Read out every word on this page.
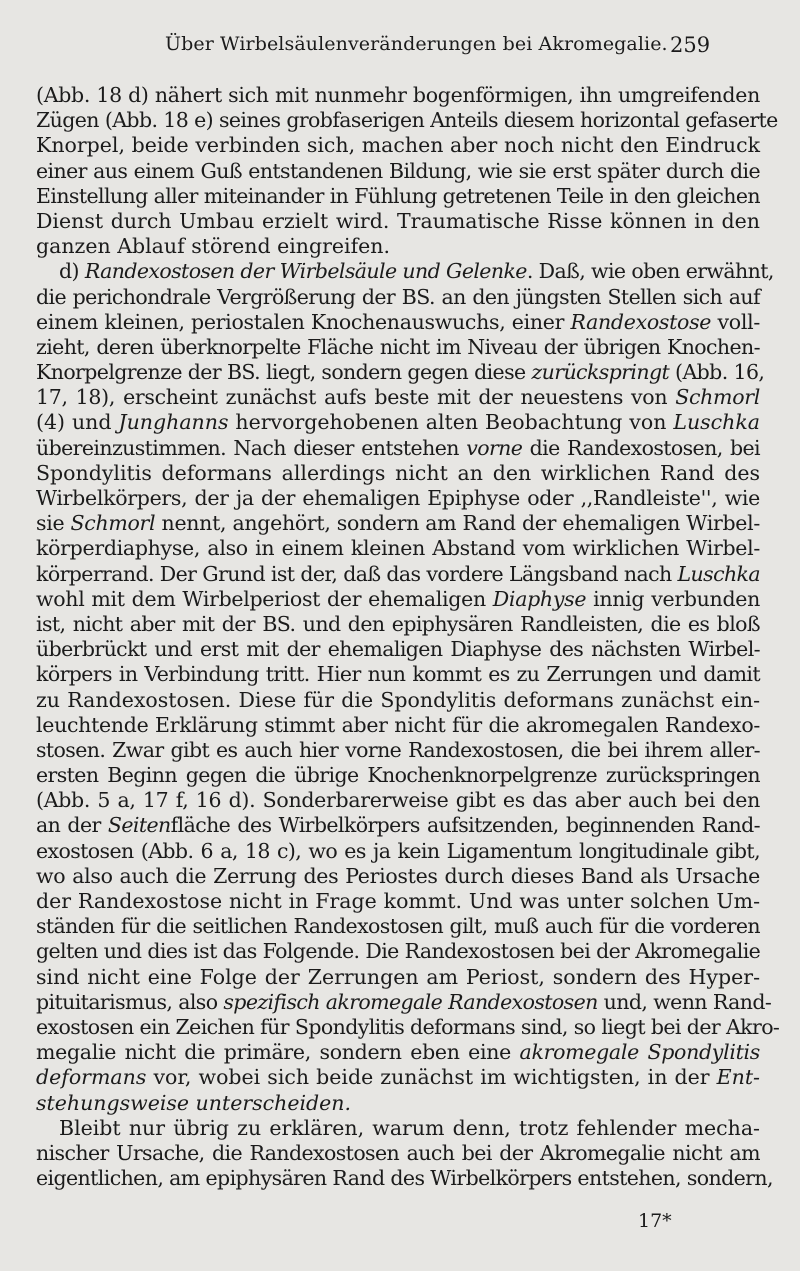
Über Wirbelsäulenveränderungen bei Akromegalie. 259
(Abb. 18 d) nähert sich mit nunmehr bogenförmigen, ihn umgreifenden
Zügen (Abb. 18 e) seines grobfaserigen Anteils diesem horizontal gefaserte
Knorpel, beide verbinden sich, machen aber noch nicht den Eindruck
einer aus einem Guß entstandenen Bildung, wie sie erst später durch die
Einstellung aller miteinander in Fühlung getretenen Teile in den gleichen
Dienst durch Umbau erzielt wird. Traumatische Risse können in den
ganzen Ablauf störend eingreifen.
d) Randexostosen der Wirbelsäule und Gelenke. Daß, wie oben erwähnt,
die perichondrale Vergrößerung der BS. an den jüngsten Stellen sich auf
einem kleinen, periostalen Knochenauswuchs, einer Randexostose voll-
zieht, deren überknorpelte Fläche nicht im Niveau der übrigen Knochen-
Knorpelgrenze der BS. liegt, sondern gegen diese zurückspringt (Abb. 16,
17, 18), erscheint zunächst aufs beste mit der neuestens von Schmorl
(4) und Junghanns hervorgehobenen alten Beobachtung von Luschka
übereinzustimmen. Nach dieser entstehen vorne die Randexostosen, bei
Spondylitis deformans allerdings nicht an den wirklichen Rand des
Wirbelkörpers, der ja der ehemaligen Epiphyse oder ,,Randleiste'', wie
sie Schmorl nennt, angehört, sondern am Rand der ehemaligen Wirbel-
körperdiaphyse, also in einem kleinen Abstand vom wirklichen Wirbel-
körperrand. Der Grund ist der, daß das vordere Längsband nach Luschka
wohl mit dem Wirbelperiost der ehemaligen Diaphyse innig verbunden
ist, nicht aber mit der BS. und den epiphysären Randleisten, die es bloß
überbrückt und erst mit der ehemaligen Diaphyse des nächsten Wirbel-
körpers in Verbindung tritt. Hier nun kommt es zu Zerrungen und damit
zu Randexostosen. Diese für die Spondylitis deformans zunächst ein-
leuchtende Erklärung stimmt aber nicht für die akromegalen Randexo-
stosen. Zwar gibt es auch hier vorne Randexostosen, die bei ihrem aller-
ersten Beginn gegen die übrige Knochenknorpelgrenze zurückspringen
(Abb. 5 a, 17 f, 16 d). Sonderbarerweise gibt es das aber auch bei den
an der Seitenfläche des Wirbelkörpers aufsitzenden, beginnenden Rand-
exostosen (Abb. 6 a, 18 c), wo es ja kein Ligamentum longitudinale gibt,
wo also auch die Zerrung des Periostes durch dieses Band als Ursache
der Randexostose nicht in Frage kommt. Und was unter solchen Um-
ständen für die seitlichen Randexostosen gilt, muß auch für die vorderen
gelten und dies ist das Folgende. Die Randexostosen bei der Akromegalie
sind nicht eine Folge der Zerrungen am Periost, sondern des Hyper-
pituitarismus, also spezifisch akromegale Randexostosen und, wenn Rand-
exostosen ein Zeichen für Spondylitis deformans sind, so liegt bei der Akro-
megalie nicht die primäre, sondern eben eine akromegale Spondylitis
deformans vor, wobei sich beide zunächst im wichtigsten, in der Ent-
stehungsweise unterscheiden.
Bleibt nur übrig zu erklären, warum denn, trotz fehlender mecha-
nischer Ursache, die Randexostosen auch bei der Akromegalie nicht am
eigentlichen, am epiphysären Rand des Wirbelkörpers entstehen, sondern,
17*
